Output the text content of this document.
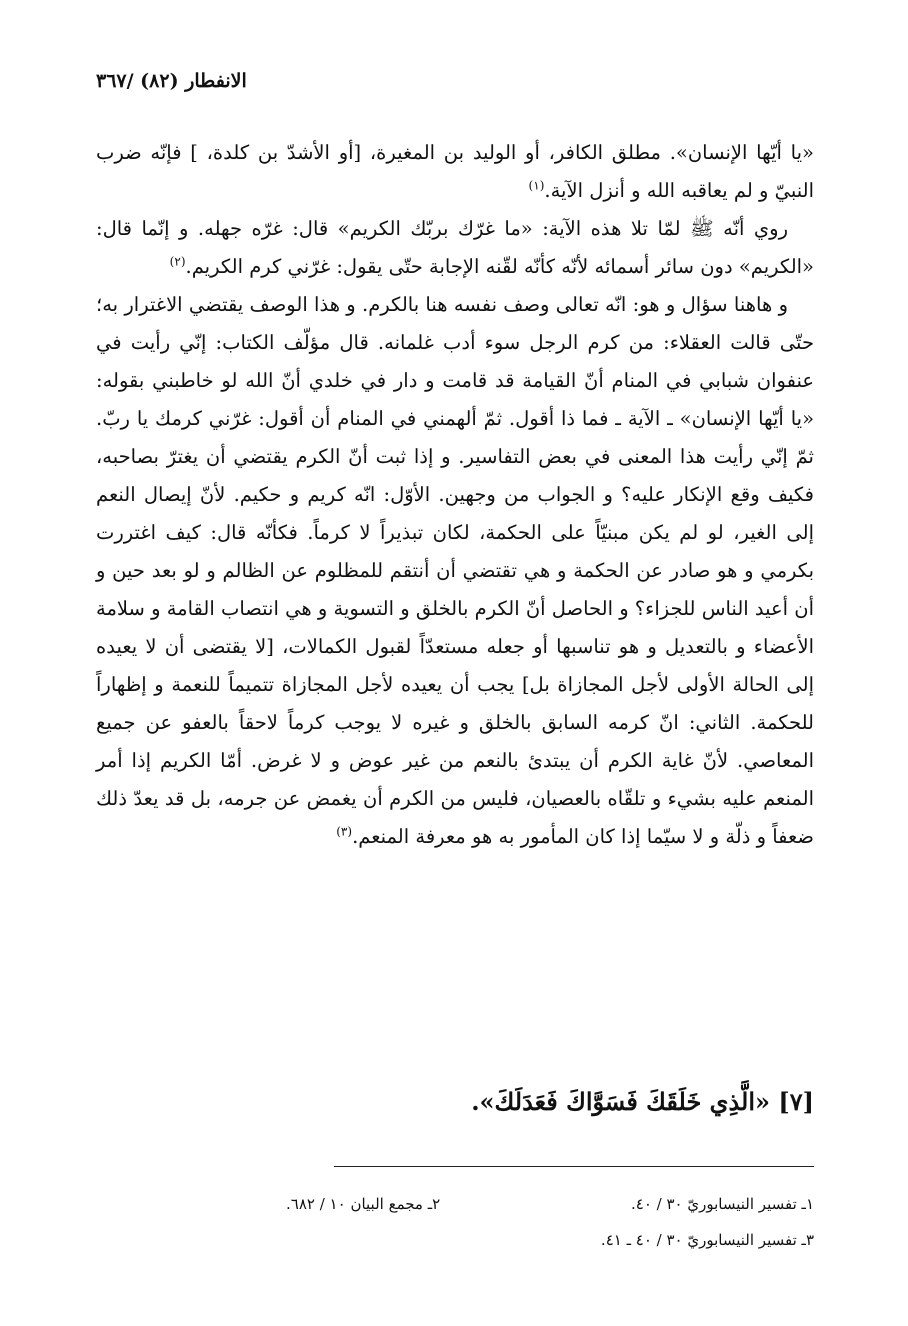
الانفطار (٨٢) /٣٦٧

«يا أيّها الإنسان». مطلق الكافر، أو الوليد بن المغيرة، [أو الأشدّ بن كلدة، ] فإنّه ضرب النبيّ و لم يعاقبه الله و أنزل الآية.$^{(١)}$

روي أنّه ﷺ لمّا تلا هذه الآية: «ما غرّك بربّك الكريم» قال: غرّه جهله. و إنّما قال: «الكريم» دون سائر أسمائه لأنّه كأنّه لقّنه الإجابة حتّى يقول: غرّني كرم الكريم.$^{(٢)}$

و هاهنا سؤال و هو: انّه تعالى وصف نفسه هنا بالكرم. و هذا الوصف يقتضي الاغترار به؛ حتّى قالت العقلاء: من كرم الرجل سوء أدب غلمانه. قال مؤلّف الكتاب: إنّي رأيت في عنفوان شبابي في المنام أنّ القيامة قد قامت و دار في خلدي أنّ الله لو خاطبني بقوله: «يا أيّها الإنسان» ـ الآية ـ فما ذا أقول. ثمّ ألهمني في المنام أن أقول: غرّني كرمك يا ربّ. ثمّ إنّي رأيت هذا المعنى في بعض التفاسير. و إذا ثبت أنّ الكرم يقتضي أن يغترّ بصاحبه، فكيف وقع الإنكار عليه؟ و الجواب من وجهين. الأوّل: انّه كريم و حكيم. لأنّ إيصال النعم إلى الغير، لو لم يكن مبنيّاً على الحكمة، لكان تبذيراً لا كرماً. فكأنّه قال: كيف اغتررت بكرمي و هو صادر عن الحكمة و هي تقتضي أن أنتقم للمظلوم عن الظالم و لو بعد حين و أن أعيد الناس للجزاء؟ و الحاصل أنّ الكرم بالخلق و التسوية و هي انتصاب القامة و سلامة الأعضاء و بالتعديل و هو تناسبها أو جعله مستعدّاً لقبول الكمالات، [لا يقتضى أن لا يعيده إلى الحالة الأولى لأجل المجازاة بل] يجب أن يعيده لأجل المجازاة تتميماً للنعمة و إظهاراً للحكمة. الثاني: انّ كرمه السابق بالخلق و غيره لا يوجب كرماً لاحقاً بالعفو عن جميع المعاصي. لأنّ غاية الكرم أن يبتدئ بالنعم من غير عوض و لا غرض. أمّا الكريم إذا أمر المنعم عليه بشيء و تلقّاه بالعصيان، فليس من الكرم أن يغمض عن جرمه، بل قد يعدّ ذلك ضعفاً و ذلّة و لا سيّما إذا كان المأمور به هو معرفة المنعم.$^{(٣)}$

[٧] «الَّذِي خَلَقَكَ فَسَوَّاكَ فَعَدَلَكَ».
١ـ تفسير النيسابوريّ ٣٠ / ٤٠.
٢ـ مجمع البيان ١٠ / ٦٨٢.
٣ـ تفسير النيسابوريّ ٣٠ / ٤٠ ـ ٤١.
